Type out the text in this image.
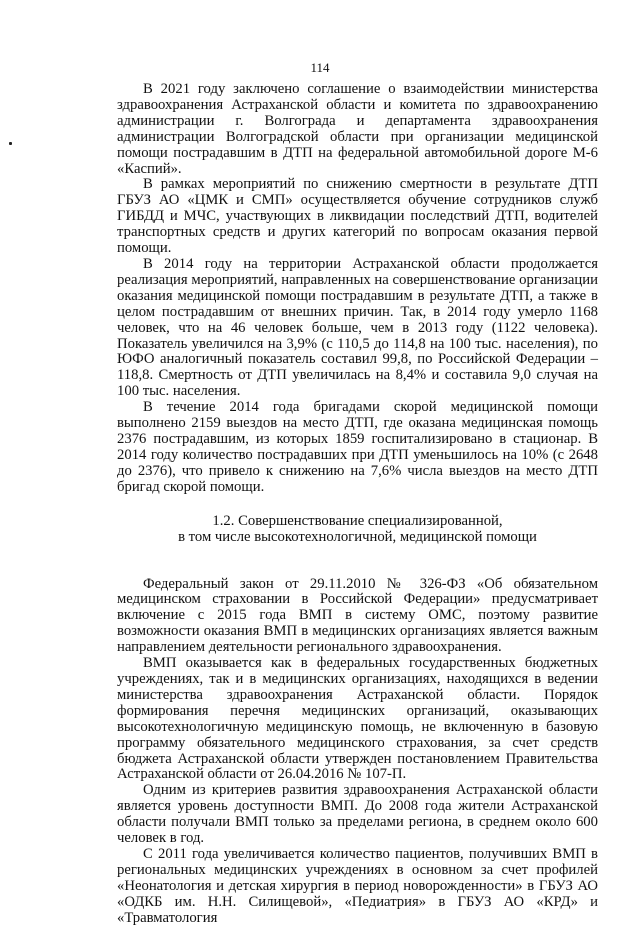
114

В 2021 году заключено соглашение о взаимодействии министерства здравоохранения Астраханской области и комитета по здравоохранению администрации г. Волгограда и департамента здравоохранения администрации Волгоградской области при организации медицинской помощи пострадавшим в ДТП на федеральной автомобильной дороге М-6 «Каспий».

В рамках мероприятий по снижению смертности в результате ДТП ГБУЗ АО «ЦМК и СМП» осуществляется обучение сотрудников служб ГИБДД и МЧС, участвующих в ликвидации последствий ДТП, водителей транспортных средств и других категорий по вопросам оказания первой помощи.

В 2014 году на территории Астраханской области продолжается реализация мероприятий, направленных на совершенствование организации оказания медицинской помощи пострадавшим в результате ДТП, а также в целом пострадавшим от внешних причин. Так, в 2014 году умерло 1168 человек, что на 46 человек больше, чем в 2013 году (1122 человека). Показатель увеличился на 3,9% (с 110,5 до 114,8 на 100 тыс. населения), по ЮФО аналогичный показатель составил 99,8, по Российской Федерации – 118,8. Смертность от ДТП увеличилась на 8,4% и составила 9,0 случая на 100 тыс. населения.

В течение 2014 года бригадами скорой медицинской помощи выполнено 2159 выездов на место ДТП, где оказана медицинская помощь 2376 пострадавшим, из которых 1859 госпитализировано в стационар. В 2014 году количество пострадавших при ДТП уменьшилось на 10% (с 2648 до 2376), что привело к снижению на 7,6% числа выездов на место ДТП бригад скорой помощи.

1.2. Совершенствование специализированной,
в том числе высокотехнологичной, медицинской помощи

Федеральный закон от 29.11.2010 № 326-ФЗ «Об обязательном медицинском страховании в Российской Федерации» предусматривает включение с 2015 года ВМП в систему ОМС, поэтому развитие возможности оказания ВМП в медицинских организациях является важным направлением деятельности регионального здравоохранения.

ВМП оказывается как в федеральных государственных бюджетных учреждениях, так и в медицинских организациях, находящихся в ведении министерства здравоохранения Астраханской области. Порядок формирования перечня медицинских организаций, оказывающих высокотехнологичную медицинскую помощь, не включенную в базовую программу обязательного медицинского страхования, за счет средств бюджета Астраханской области утвержден постановлением Правительства Астраханской области от 26.04.2016 № 107-П.

Одним из критериев развития здравоохранения Астраханской области является уровень доступности ВМП. До 2008 года жители Астраханской области получали ВМП только за пределами региона, в среднем около 600 человек в год.

С 2011 года увеличивается количество пациентов, получивших ВМП в региональных медицинских учреждениях в основном за счет профилей «Неонатология и детская хирургия в период новорожденности» в ГБУЗ АО «ОДКБ им. Н.Н. Силищевой», «Педиатрия» в ГБУЗ АО «КРД» и «Травматология
